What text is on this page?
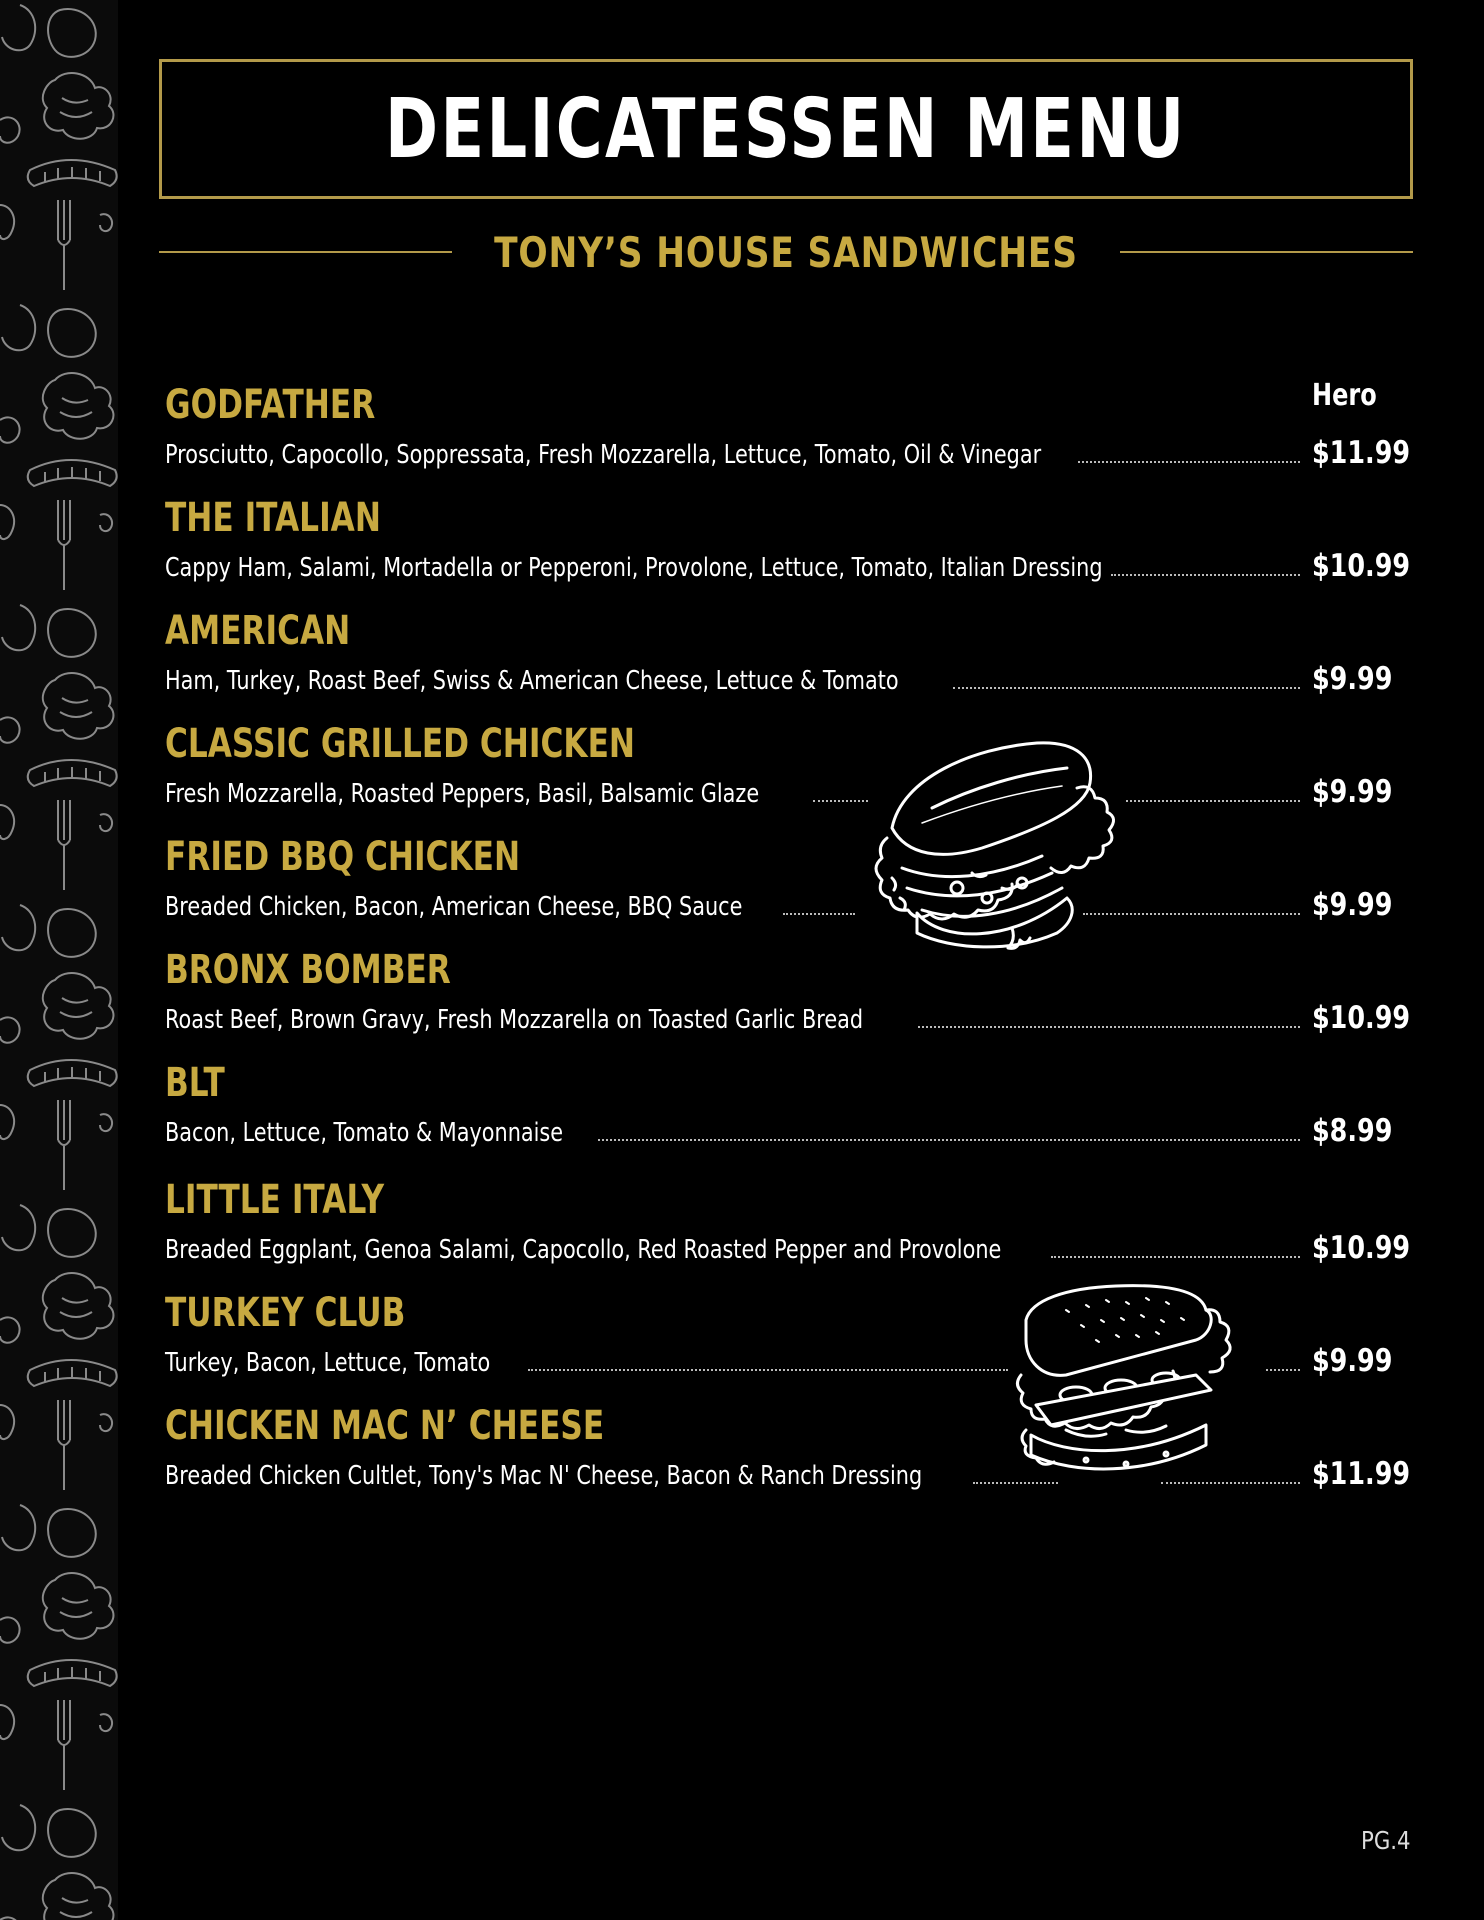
DELICATESSEN MENU
TONY’S HOUSE SANDWICHES
Hero
GODFATHER
Prosciutto, Capocollo, Soppressata, Fresh Mozzarella, Lettuce, Tomato, Oil & Vinegar	$11.99
THE ITALIAN
Cappy Ham, Salami, Mortadella or Pepperoni, Provolone, Lettuce, Tomato, Italian Dressing	$10.99
AMERICAN
Ham, Turkey, Roast Beef, Swiss & American Cheese, Lettuce & Tomato	$9.99
CLASSIC GRILLED CHICKEN
Fresh Mozzarella, Roasted Peppers, Basil, Balsamic Glaze	$9.99
FRIED BBQ CHICKEN
Breaded Chicken, Bacon, American Cheese, BBQ Sauce	$9.99
BRONX BOMBER
Roast Beef, Brown Gravy, Fresh Mozzarella on Toasted Garlic Bread	$10.99
BLT
Bacon, Lettuce, Tomato & Mayonnaise	$8.99
LITTLE ITALY
Breaded Eggplant, Genoa Salami, Capocollo, Red Roasted Pepper and Provolone	$10.99
TURKEY CLUB
Turkey, Bacon, Lettuce, Tomato	$9.99
CHICKEN MAC N’ CHEESE
Breaded Chicken Cultlet, Tony's Mac N' Cheese, Bacon & Ranch Dressing	$11.99
PG.4
